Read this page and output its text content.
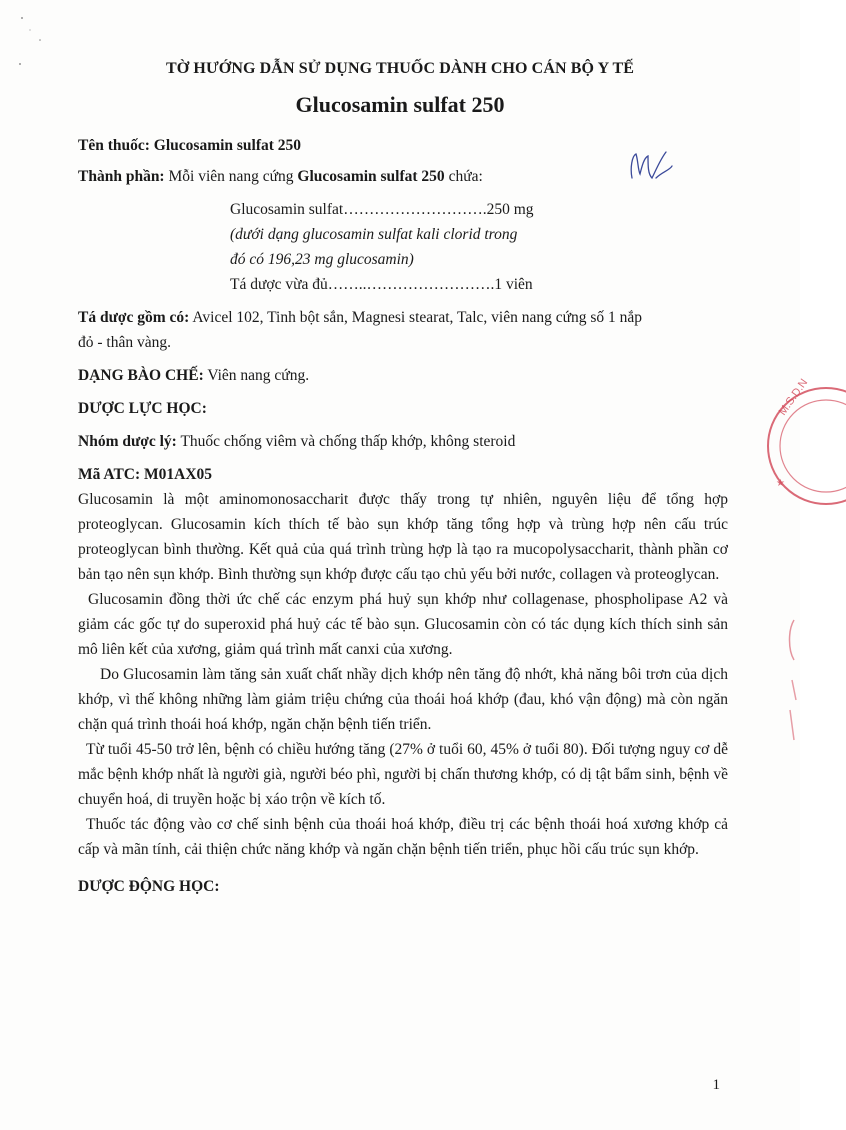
TỜ HƯỚNG DẪN SỬ DỤNG THUỐC DÀNH CHO CÁN BỘ Y TẾ
Glucosamin sulfat 250
M.S.D.N
★

Tên thuốc: Glucosamin sulfat 250

Thành phần: Mỗi viên nang cứng Glucosamin sulfat 250 chứa:

Glucosamin sulfat……………………….250 mg

(dưới dạng glucosamin sulfat kali clorid trong

đó có 196,23 mg glucosamin)

Tá dược vừa đủ……..…………………….1 viên

Tá dược gồm có: Avicel 102, Tinh bột sắn, Magnesi stearat, Talc, viên nang cứng số 1 nắp

đỏ - thân vàng.

DẠNG BÀO CHẾ: Viên nang cứng.

DƯỢC LỰC HỌC:

Nhóm dược lý: Thuốc chống viêm và chống thấp khớp, không steroid

Mã ATC: M01AX05

Glucosamin là một aminomonosaccharit được thấy trong tự nhiên, nguyên liệu để tổng hợp proteoglycan. Glucosamin kích thích tế bào sụn khớp tăng tổng hợp và trùng hợp nên cấu trúc proteoglycan bình thường. Kết quả của quá trình trùng hợp là tạo ra mucopolysaccharit, thành phần cơ bản tạo nên sụn khớp. Bình thường sụn khớp được cấu tạo chủ yếu bởi nước, collagen và proteoglycan.

Glucosamin đồng thời ức chế các enzym phá huỷ sụn khớp như collagenase, phospholipase A2 và giảm các gốc tự do superoxid phá huỷ các tế bào sụn. Glucosamin còn có tác dụng kích thích sinh sản mô liên kết của xương, giảm quá trình mất canxi của xương.

Do Glucosamin làm tăng sản xuất chất nhầy dịch khớp nên tăng độ nhớt, khả năng bôi trơn của dịch khớp, vì thế không những làm giảm triệu chứng của thoái hoá khớp (đau, khó vận động) mà còn ngăn chặn quá trình thoái hoá khớp, ngăn chặn bệnh tiến triển.

Từ tuổi 45-50 trở lên, bệnh có chiều hướng tăng (27% ở tuổi 60, 45% ở tuổi 80). Đối tượng nguy cơ dễ mắc bệnh khớp nhất là người già, người béo phì, người bị chấn thương khớp, có dị tật bẩm sinh, bệnh về chuyển hoá, di truyền hoặc bị xáo trộn về kích tố.

Thuốc tác động vào cơ chế sinh bệnh của thoái hoá khớp, điều trị các bệnh thoái hoá xương khớp cả cấp và mãn tính, cải thiện chức năng khớp và ngăn chặn bệnh tiến triển, phục hồi cấu trúc sụn khớp.

DƯỢC ĐỘNG HỌC:

1
